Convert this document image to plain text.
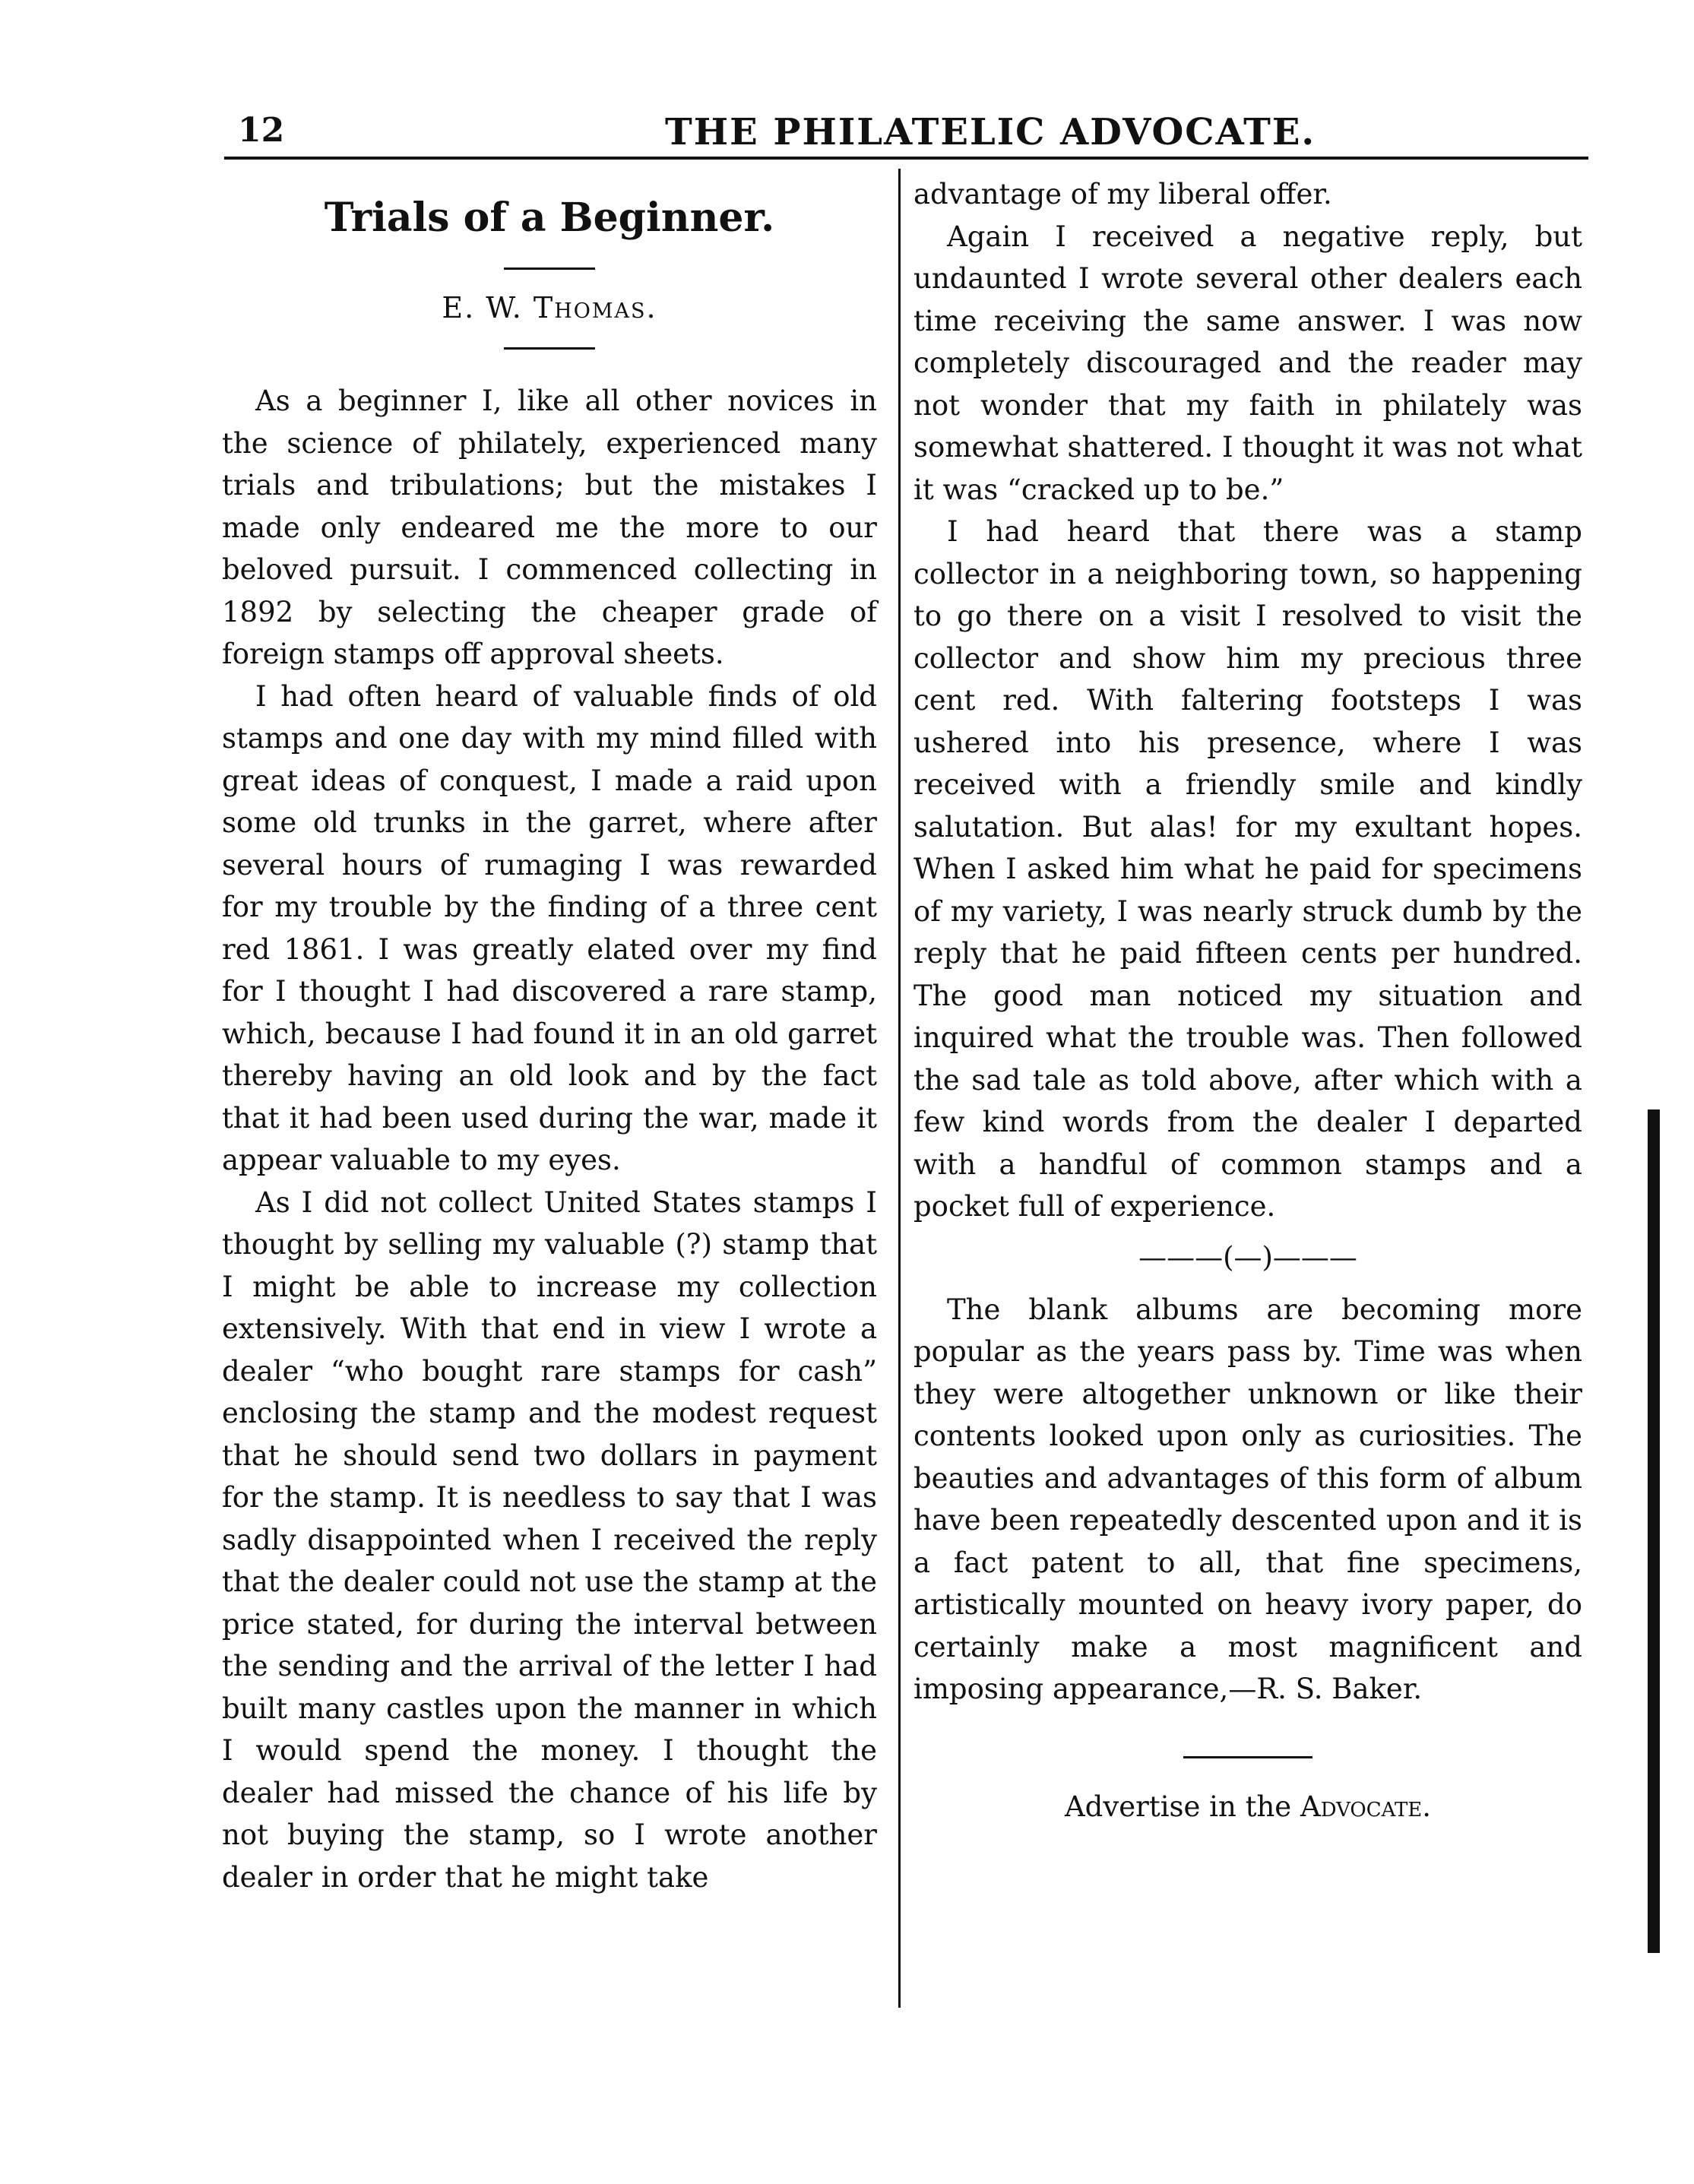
12	THE PHILATELIC ADVOCATE.
Trials of a Beginner.
E. W. Thomas.

As a beginner I, like all other novices in the science of philately, experienced many trials and tribulations; but the mistakes I made only endeared me the more to our beloved pursuit. I commenced collecting in 1892 by selecting the cheaper grade of foreign stamps off approval sheets.

I had often heard of valuable finds of old stamps and one day with my mind filled with great ideas of conquest, I made a raid upon some old trunks in the garret, where after several hours of rumaging I was rewarded for my trouble by the finding of a three cent red 1861. I was greatly elated over my find for I thought I had discovered a rare stamp, which, because I had found it in an old garret thereby having an old look and by the fact that it had been used during the war, made it appear valuable to my eyes.

As I did not collect United States stamps I thought by selling my valuable (?) stamp that I might be able to increase my collection extensively. With that end in view I wrote a dealer “who bought rare stamps for cash” enclosing the stamp and the modest request that he should send two dollars in payment for the stamp. It is needless to say that I was sadly disappointed when I received the reply that the dealer could not use the stamp at the price stated, for during the interval between the sending and the arrival of the letter I had built many castles upon the manner in which I would spend the money. I thought the dealer had missed the chance of his life by not buying the stamp, so I wrote another dealer in order that he might take

advantage of my liberal offer.

Again I received a negative reply, but undaunted I wrote several other dealers each time receiving the same answer. I was now completely discouraged and the reader may not wonder that my faith in philately was somewhat shattered. I thought it was not what it was “cracked up to be.”

I had heard that there was a stamp collector in a neighboring town, so happening to go there on a visit I resolved to visit the collector and show him my precious three cent red. With faltering footsteps I was ushered into his presence, where I was received with a friendly smile and kindly salutation. But alas! for my exultant hopes. When I asked him what he paid for specimens of my variety, I was nearly struck dumb by the reply that he paid fifteen cents per hundred. The good man noticed my situation and inquired what the trouble was. Then followed the sad tale as told above, after which with a few kind words from the dealer I departed with a handful of common stamps and a pocket full of experience.

———(—)———

The blank albums are becoming more popular as the years pass by. Time was when they were altogether unknown or like their contents looked upon only as curiosities. The beauties and advantages of this form of album have been repeatedly descented upon and it is a fact patent to all, that fine specimens, artistically mounted on heavy ivory paper, do certainly make a most magnificent and imposing appearance,—R. S. Baker.

Advertise in the Advocate.
